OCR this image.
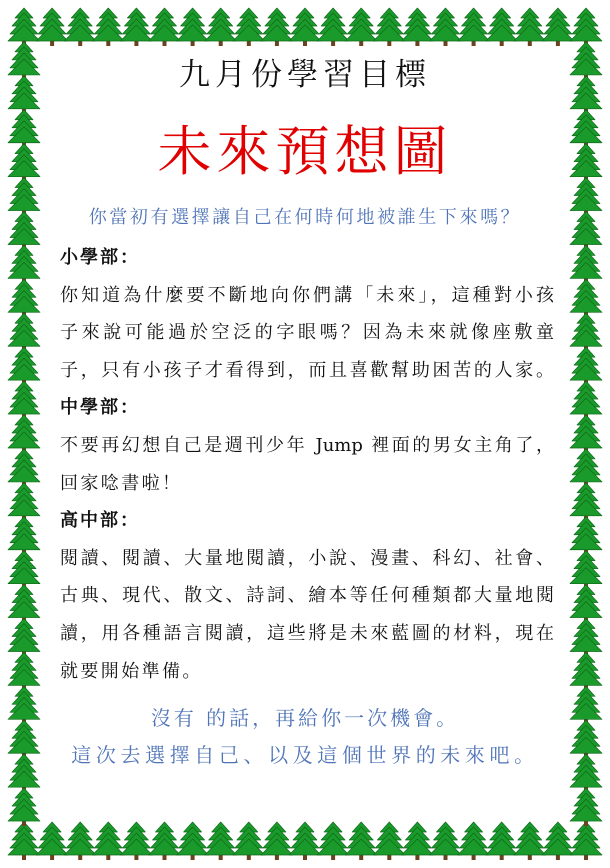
九月份學習目標
未來預想圖
你當初有選擇讓自己在何時何地被誰生下來嗎？
小學部：
你知道為什麼要不斷地向你們講「未來」，這種對小孩
子來說可能過於空泛的字眼嗎？因為未來就像座敷童
子，只有小孩子才看得到，而且喜歡幫助困苦的人家。
中學部：
不要再幻想自己是週刊少年 Jump 裡面的男女主角了，
回家唸書啦！
高中部：
閱讀、閱讀、大量地閱讀，小說、漫畫、科幻、社會、
古典、現代、散文、詩詞、繪本等任何種類都大量地閱
讀，用各種語言閱讀，這些將是未來藍圖的材料，現在
就要開始準備。
沒有 的話，再給你一次機會。
這次去選擇自己、以及這個世界的未來吧。
